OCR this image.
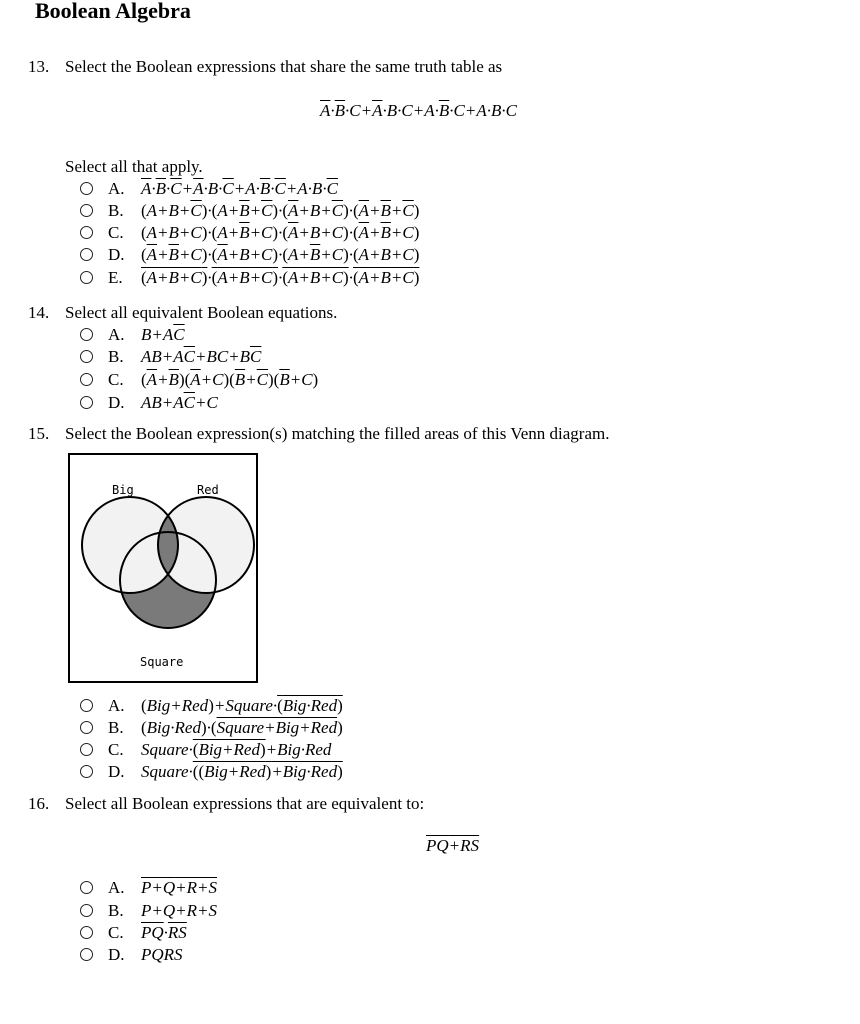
Boolean Algebra
13. Select the Boolean expressions that share the same truth table as
$\overline{A}\cdot\overline{B}\cdot C+\overline{A}\cdot B\cdot C+A\cdot\overline{B}\cdot C+A\cdot B\cdot C$
Select all that apply.
A. $\overline{A}\cdot\overline{B}\cdot\overline{C}+\overline{A}\cdot B\cdot\overline{C}+A\cdot\overline{B}\cdot\overline{C}+A\cdot B\cdot\overline{C}$
B. $(A+B+\overline{C})\cdot(A+\overline{B}+\overline{C})\cdot(\overline{A}+B+\overline{C})\cdot(\overline{A}+\overline{B}+\overline{C})$
C. $(A+B+C)\cdot(A+\overline{B}+C)\cdot(\overline{A}+B+C)\cdot(\overline{A}+\overline{B}+C)$
D. $(\overline{A}+\overline{B}+C)\cdot(\overline{A}+B+C)\cdot(A+\overline{B}+C)\cdot(A+B+C)$
E. (A+B+C)·(A+B+C)·(A+B+C)·(A+B+C)
14. Select all equivalent Boolean equations.
A. $B+A\overline{C}$
B. $AB+A\overline{C}+BC+B\overline{C}$
C. $(\overline{A}+\overline{B})(\overline{A}+C)(\overline{B}+\overline{C})(\overline{B}+C)$
D. $AB+A\overline{C}+C$
15. Select the Boolean expression(s) matching the filled areas of this Venn diagram.
Big	Red
Square
A. (Big+Red)+Square·(Big·Red)
B. (Big·Red)·(Square+Big+Red)
C. Square·(Big+Red)+Big·Red
D. Square·((Big+Red)+Big·Red)
16. Select all Boolean expressions that are equivalent to:
PQ+RS
A. P+Q+R+S
B. P+Q+R+S
C. $\overline{PQ}\cdot\overline{RS}$
D. PQRS
